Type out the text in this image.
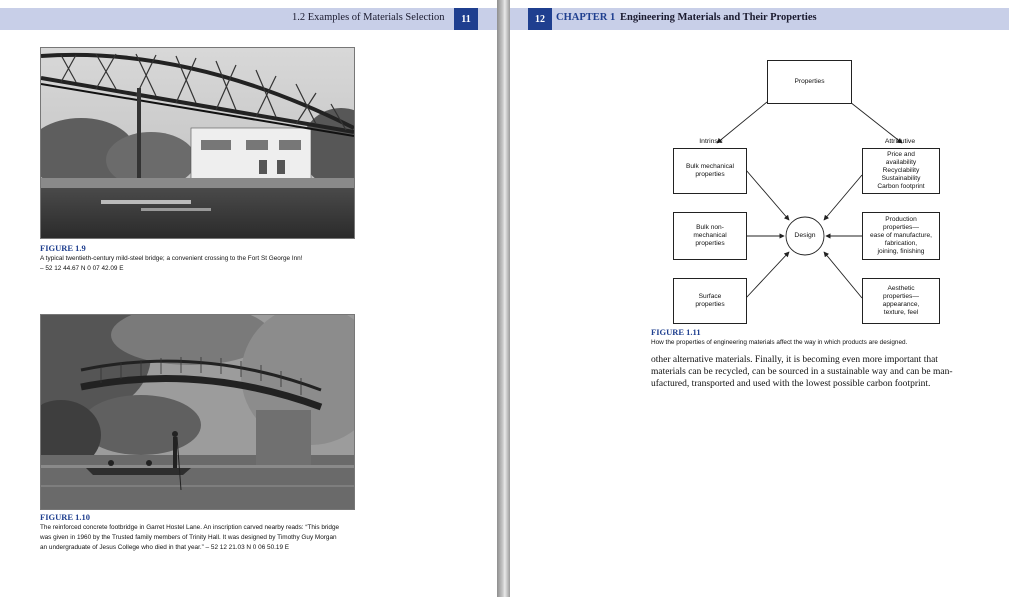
1.2 Examples of Materials Selection	11
FIGURE 1.9
A typical twentieth-century mild-steel bridge; a convenient crossing to the Fort St George Inn!
– 52 12 44.67 N 0 07 42.09 E
FIGURE 1.10
The reinforced concrete footbridge in Garret Hostel Lane. An inscription carved nearby reads: “This bridge
was given in 1960 by the Trusted family members of Trinity Hall. It was designed by Timothy Guy Morgan
an undergraduate of Jesus College who died in that year.” – 52 12 21.03 N 0 06 50.19 E
12	CHAPTER 1 Engineering Materials and Their Properties
Properties
Intrinsic	Attributive
Design
Bulk mechanical
properties
Bulk non-
mechanical
properties
Surface
properties
Price and
availability
Recyclability
Sustainability
Carbon footprint
Production
properties—
ease of manufacture,
fabrication,
joining, finishing
Aesthetic
properties—
appearance,
texture, feel
FIGURE 1.11
How the properties of engineering materials affect the way in which products are designed.
other alternative materials. Finally, it is becoming even more important that
materials can be recycled, can be sourced in a sustainable way and can be man-
ufactured, transported and used with the lowest possible carbon footprint.
